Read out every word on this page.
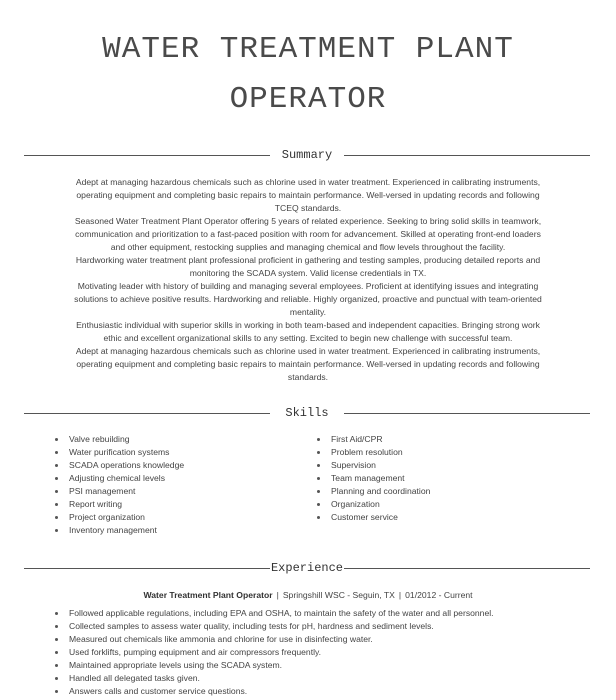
WATER TREATMENT PLANT
OPERATOR
Summary

Adept at managing hazardous chemicals such as chlorine used in water treatment. Experienced in calibrating instruments,

operating equipment and completing basic repairs to maintain performance. Well-versed in updating records and following

TCEQ standards.

Seasoned Water Treatment Plant Operator offering 5 years of related experience. Seeking to bring solid skills in teamwork,

communication and prioritization to a fast-paced position with room for advancement. Skilled at operating front-end loaders

and other equipment, restocking supplies and managing chemical and flow levels throughout the facility.

Hardworking water treatment plant professional proficient in gathering and testing samples, producing detailed reports and

monitoring the SCADA system. Valid license credentials in TX.

Motivating leader with history of building and managing several employees. Proficient at identifying issues and integrating

solutions to achieve positive results. Hardworking and reliable. Highly organized, proactive and punctual with team-oriented

mentality.

Enthusiastic individual with superior skills in working in both team-based and independent capacities. Bringing strong work

ethic and excellent organizational skills to any setting. Excited to begin new challenge with successful team.

Adept at managing hazardous chemicals such as chlorine used in water treatment. Experienced in calibrating instruments,

operating equipment and completing basic repairs to maintain performance. Well-versed in updating records and following

standards.

Skills
Valve rebuilding
Water purification systems
SCADA operations knowledge
Adjusting chemical levels
PSI management
Report writing
Project organization
Inventory management
First Aid/CPR
Problem resolution
Supervision
Team management
Planning and coordination
Organization
Customer service
Experience
Water Treatment Plant Operator | Springshill WSC - Seguin, TX | 01/2012 - Current
Followed applicable regulations, including EPA and OSHA, to maintain the safety of the water and all personnel.
Collected samples to assess water quality, including tests for pH, hardness and sediment levels.
Measured out chemicals like ammonia and chlorine for use in disinfecting water.
Used forklifts, pumping equipment and air compressors frequently.
Maintained appropriate levels using the SCADA system.
Handled all delegated tasks given.
Answers calls and customer service questions.
